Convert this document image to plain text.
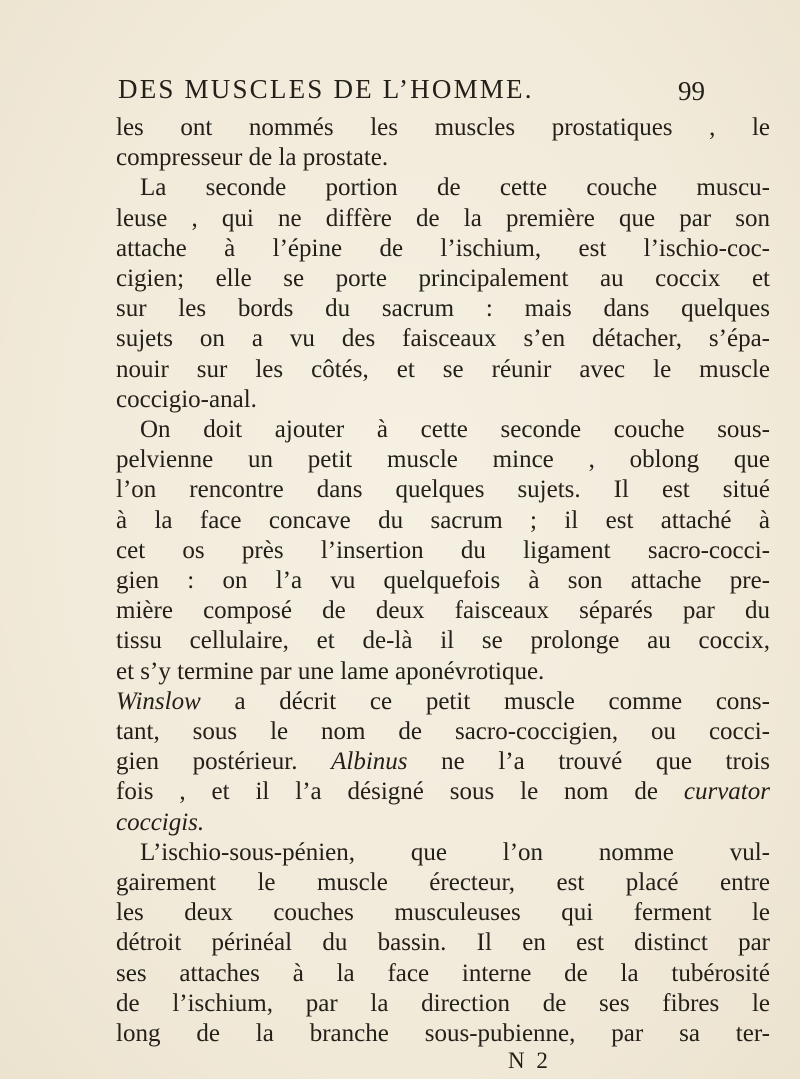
DES MUSCLES DE L’HOMME.	99
les ont nommés les muscles prostatiques , le
compresseur de la prostate.
La seconde portion de cette couche muscu-
leuse , qui ne diffère de la première que par son
attache à l’épine de l’ischium, est l’ischio-coc-
cigien; elle se porte principalement au coccix et
sur les bords du sacrum : mais dans quelques
sujets on a vu des faisceaux s’en détacher, s’épa-
nouir sur les côtés, et se réunir avec le muscle
coccigio-anal.
On doit ajouter à cette seconde couche sous-
pelvienne un petit muscle mince , oblong que
l’on rencontre dans quelques sujets. Il est situé
à la face concave du sacrum ; il est attaché à
cet os près l’insertion du ligament sacro-cocci-
gien : on l’a vu quelquefois à son attache pre-
mière composé de deux faisceaux séparés par du
tissu cellulaire, et de-là il se prolonge au coccix,
et s’y termine par une lame aponévrotique.
Winslow a décrit ce petit muscle comme cons-
tant, sous le nom de sacro-coccigien, ou cocci-
gien postérieur. Albinus ne l’a trouvé que trois
fois , et il l’a désigné sous le nom de curvator
coccigis.
L’ischio-sous-pénien, que l’on nomme vul-
gairement le muscle érecteur, est placé entre
les deux couches musculeuses qui ferment le
détroit périnéal du bassin. Il en est distinct par
ses attaches à la face interne de la tubérosité
de l’ischium, par la direction de ses fibres le
long de la branche sous-pubienne, par sa ter-
N 2
